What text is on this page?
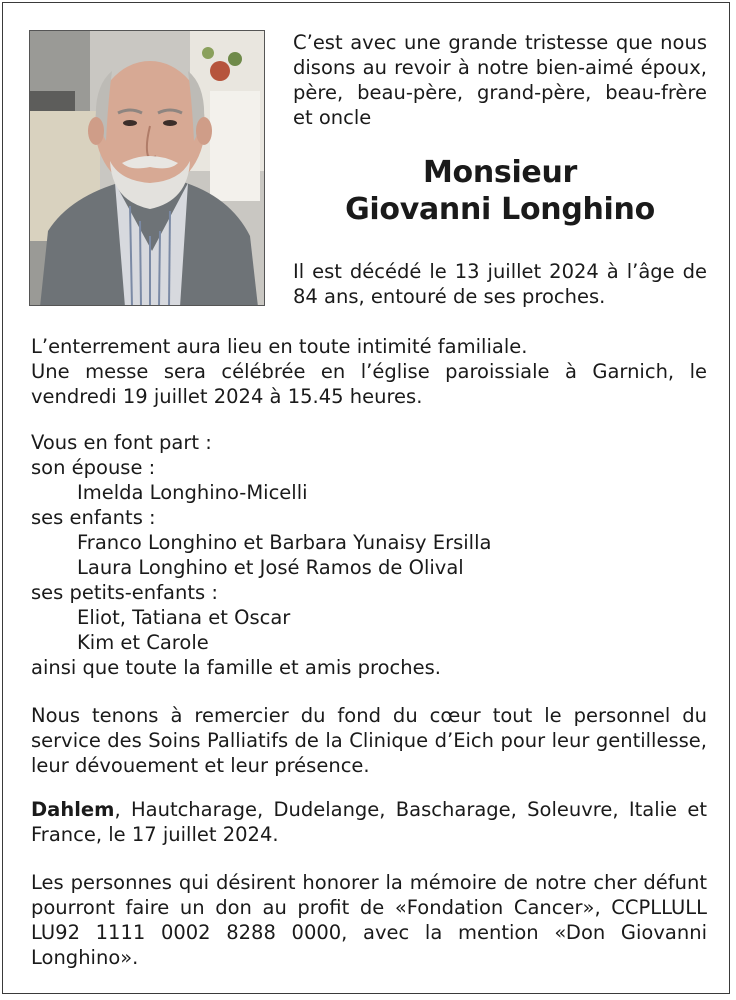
C’est avec une grande tristesse que nous disons au revoir à notre bien-aimé époux, père, beau-père, grand-père, beau-frère et oncle
Monsieur
Giovanni Longhino
Il est décédé le 13 juillet 2024 à l’âge de 84 ans, entouré de ses proches.
L’enterrement aura lieu en toute intimité familiale.
Une messe sera célébrée en l’église paroissiale à Garnich, le vendredi 19 juillet 2024 à 15.45 heures.
Vous en font part :
son épouse :
Imelda Longhino-Micelli
ses enfants :
Franco Longhino et Barbara Yunaisy Ersilla
Laura Longhino et José Ramos de Olival
ses petits-enfants :
Eliot, Tatiana et Oscar
Kim et Carole
ainsi que toute la famille et amis proches.
Nous tenons à remercier du fond du cœur tout le personnel du service des Soins Palliatifs de la Clinique d’Eich pour leur gentillesse, leur dévouement et leur présence.
Dahlem, Hautcharage, Dudelange, Bascharage, Soleuvre, Italie et France, le 17 juillet 2024.
Les personnes qui désirent honorer la mémoire de notre cher défunt pourront faire un don au profit de «Fondation Cancer», CCPLLULL LU92 1111 0002 8288 0000, avec la mention «Don Giovanni Longhino».
